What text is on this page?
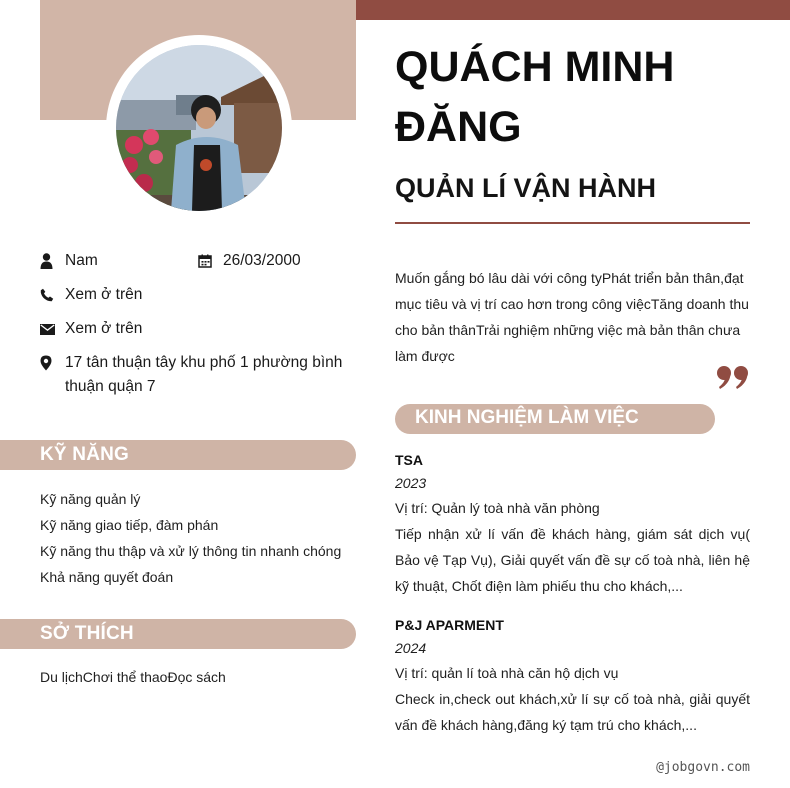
Nam	26/03/2000
Xem ở trên
Xem ở trên
17 tân thuận tây khu phố 1 phường bình thuận quận 7
KỸ NĂNG
Kỹ năng quản lý
Kỹ năng giao tiếp, đàm phán
Kỹ năng thu thập và xử lý thông tin nhanh chóng
Khả năng quyết đoán
SỞ THÍCH
Du lịchChơi thể thaoĐọc sách
QUÁCH MINH ĐĂNG
QUẢN LÍ VẬN HÀNH
Muốn gắng bó lâu dài với công tyPhát triển bản thân,đạt mục tiêu và vị trí cao hơn trong công việcTăng doanh thu cho bản thânTrải nghiệm những việc mà bản thân chưa làm được
KINH NGHIỆM LÀM VIỆC
TSA
2023
Vị trí: Quản lý toà nhà văn phòng
Tiếp nhận xử lí vấn đề khách hàng, giám sát dịch vụ( Bảo vệ Tạp Vụ), Giải quyết vấn đề sự cố toà nhà, liên hệ kỹ thuật, Chốt điện làm phiếu thu cho khách,...
P&J APARMENT
2024
Vị trí: quản lí toà nhà căn hộ dịch vụ
Check in,check out khách,xử lí sự cố toà nhà, giải quyết vấn đề khách hàng,đăng ký tạm trú cho khách,...
@jobgovn.com
